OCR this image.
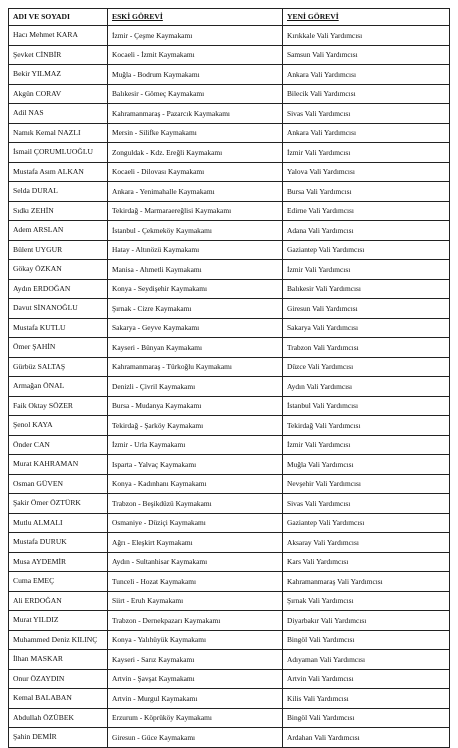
ADI VE SOYADI	ESKİ GÖREVİ	YENİ GÖREVİ
Hacı Mehmet KARA	İzmir - Çeşme Kaymakamı	Kırıkkale Vali Yardımcısı
Şevket CİNBİR	Kocaeli - İzmit Kaymakamı	Samsun Vali Yardımcısı
Bekir YILMAZ	Muğla - Bodrum Kaymakamı	Ankara Vali Yardımcısı
Akgün CORAV	Balıkesir - Gömeç Kaymakamı	Bilecik Vali Yardımcısı
Adil NAS	Kahramanmaraş - Pazarcık Kaymakamı	Sivas Vali Yardımcısı
Namık Kemal NAZLI	Mersin - Silifke Kaymakamı	Ankara Vali Yardımcısı
İsmail ÇORUMLUOĞLU	Zonguldak - Kdz. Ereğli Kaymakamı	İzmir Vali Yardımcısı
Mustafa Asım ALKAN	Kocaeli - Dilovası Kaymakamı	Yalova Vali Yardımcısı
Selda DURAL	Ankara - Yenimahalle Kaymakamı	Bursa Vali Yardımcısı
Sıdkı ZEHİN	Tekirdağ - Marmaraereğlisi Kaymakamı	Edirne Vali Yardımcısı
Adem ARSLAN	İstanbul - Çekmeköy Kaymakamı	Adana Vali Yardımcısı
Bülent UYGUR	Hatay - Altınözü Kaymakamı	Gaziantep Vali Yardımcısı
Gökay ÖZKAN	Manisa - Ahmetli Kaymakamı	İzmir Vali Yardımcısı
Aydın ERDOĞAN	Konya - Seydişehir Kaymakamı	Balıkesir Vali Yardımcısı
Davut SİNANOĞLU	Şırnak - Cizre Kaymakamı	Giresun Vali Yardımcısı
Mustafa KUTLU	Sakarya - Geyve Kaymakamı	Sakarya Vali Yardımcısı
Ömer ŞAHİN	Kayseri - Bünyan Kaymakamı	Trabzon Vali Yardımcısı
Gürbüz SALTAŞ	Kahramanmaraş - Türkoğlu Kaymakamı	Düzce Vali Yardımcısı
Armağan ÖNAL	Denizli - Çivril Kaymakamı	Aydın Vali Yardımcısı
Faik Oktay SÖZER	Bursa - Mudanya Kaymakamı	İstanbul Vali Yardımcısı
Şenol KAYA	Tekirdağ - Şarköy Kaymakamı	Tekirdağ Vali Yardımcısı
Önder CAN	İzmir - Urla Kaymakamı	İzmir Vali Yardımcısı
Murat KAHRAMAN	Isparta - Yalvaç Kaymakamı	Muğla Vali Yardımcısı
Osman GÜVEN	Konya - Kadınhanı Kaymakamı	Nevşehir Vali Yardımcısı
Şakir Ömer ÖZTÜRK	Trabzon - Beşikdüzü Kaymakamı	Sivas Vali Yardımcısı
Mutlu ALMALI	Osmaniye - Düziçi Kaymakamı	Gaziantep Vali Yardımcısı
Mustafa DURUK	Ağrı - Eleşkirt Kaymakamı	Aksaray Vali Yardımcısı
Musa AYDEMİR	Aydın - Sultanhisar Kaymakamı	Kars Vali Yardımcısı
Cuma EMEÇ	Tunceli - Hozat Kaymakamı	Kahramanmaraş Vali Yardımcısı
Ali ERDOĞAN	Siirt - Eruh Kaymakamı	Şırnak Vali Yardımcısı
Murat YILDIZ	Trabzon - Dernekpazarı Kaymakamı	Diyarbakır Vali Yardımcısı
Muhammed Deniz KILINÇ	Konya - Yalıhüyük Kaymakamı	Bingöl Vali Yardımcısı
İlhan MASKAR	Kayseri - Sarız Kaymakamı	Adıyaman Vali Yardımcısı
Onur ÖZAYDIN	Artvin - Şavşat Kaymakamı	Artvin Vali Yardımcısı
Kemal BALABAN	Artvin - Murgul Kaymakamı	Kilis Vali Yardımcısı
Abdullah ÖZÜBEK	Erzurum - Köprüköy Kaymakamı	Bingöl Vali Yardımcısı
Şahin DEMİR	Giresun - Güce Kaymakamı	Ardahan Vali Yardımcısı
